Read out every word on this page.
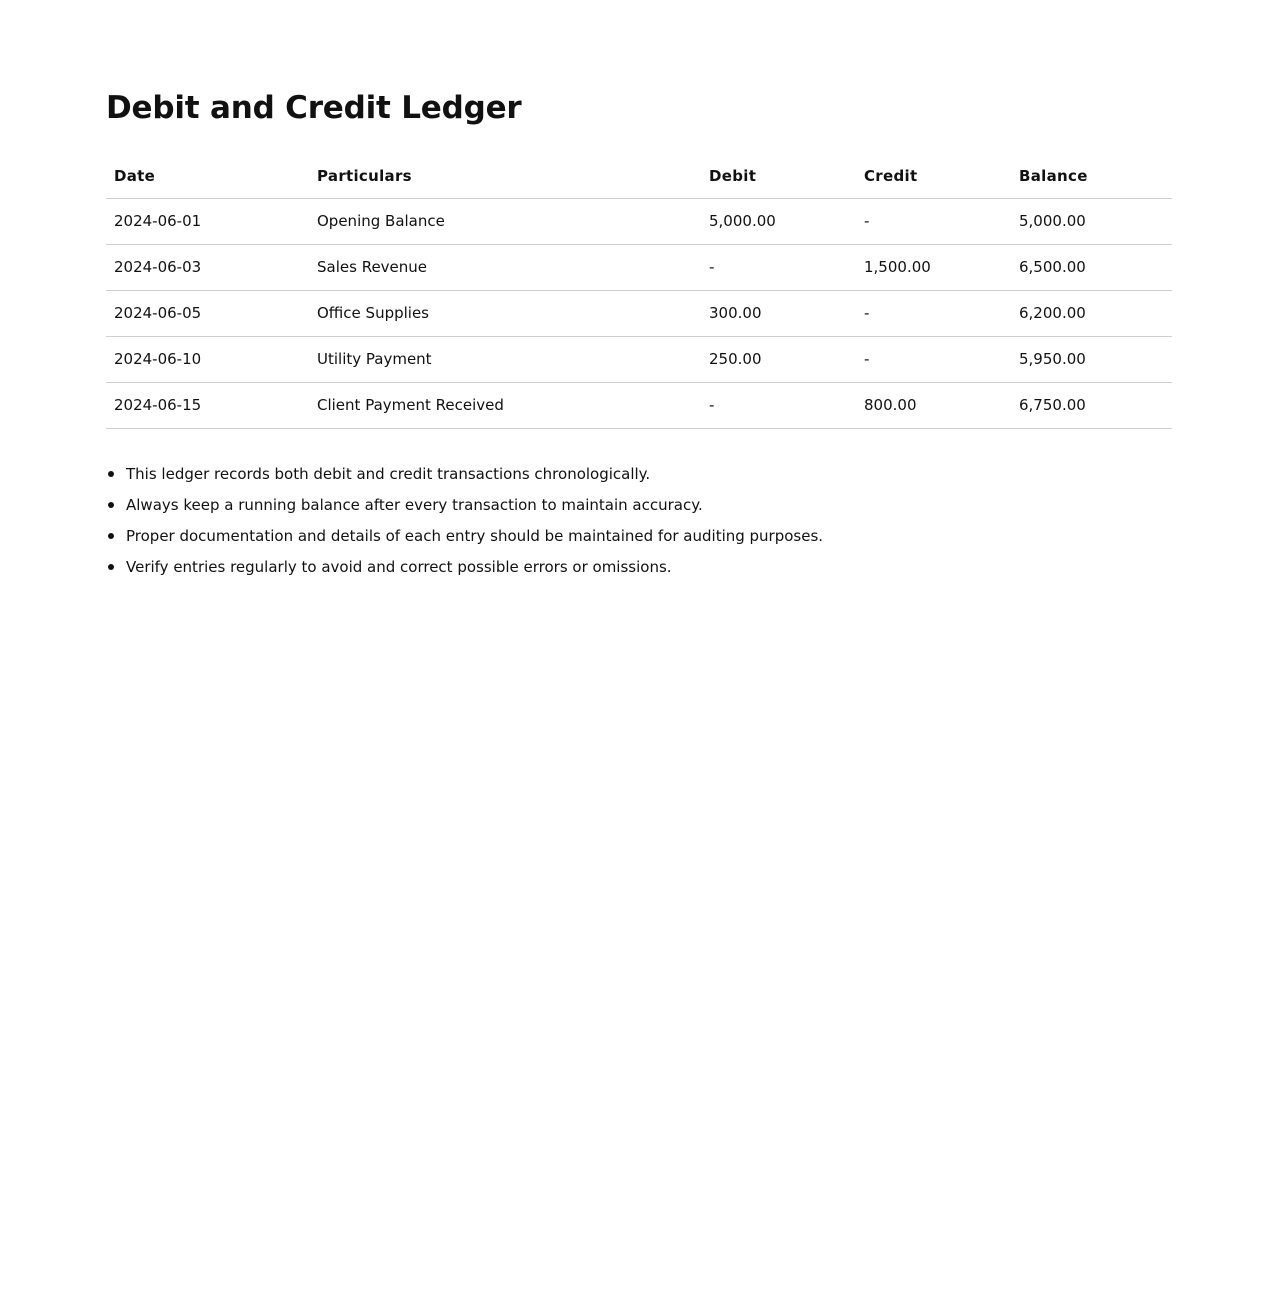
Debit and Credit Ledger
Date	Particulars	Debit	Credit	Balance
2024-06-01	Opening Balance	5,000.00	-	5,000.00
2024-06-03	Sales Revenue	-	1,500.00	6,500.00
2024-06-05	Office Supplies	300.00	-	6,200.00
2024-06-10	Utility Payment	250.00	-	5,950.00
2024-06-15	Client Payment Received	-	800.00	6,750.00
This ledger records both debit and credit transactions chronologically.
Always keep a running balance after every transaction to maintain accuracy.
Proper documentation and details of each entry should be maintained for auditing purposes.
Verify entries regularly to avoid and correct possible errors or omissions.
